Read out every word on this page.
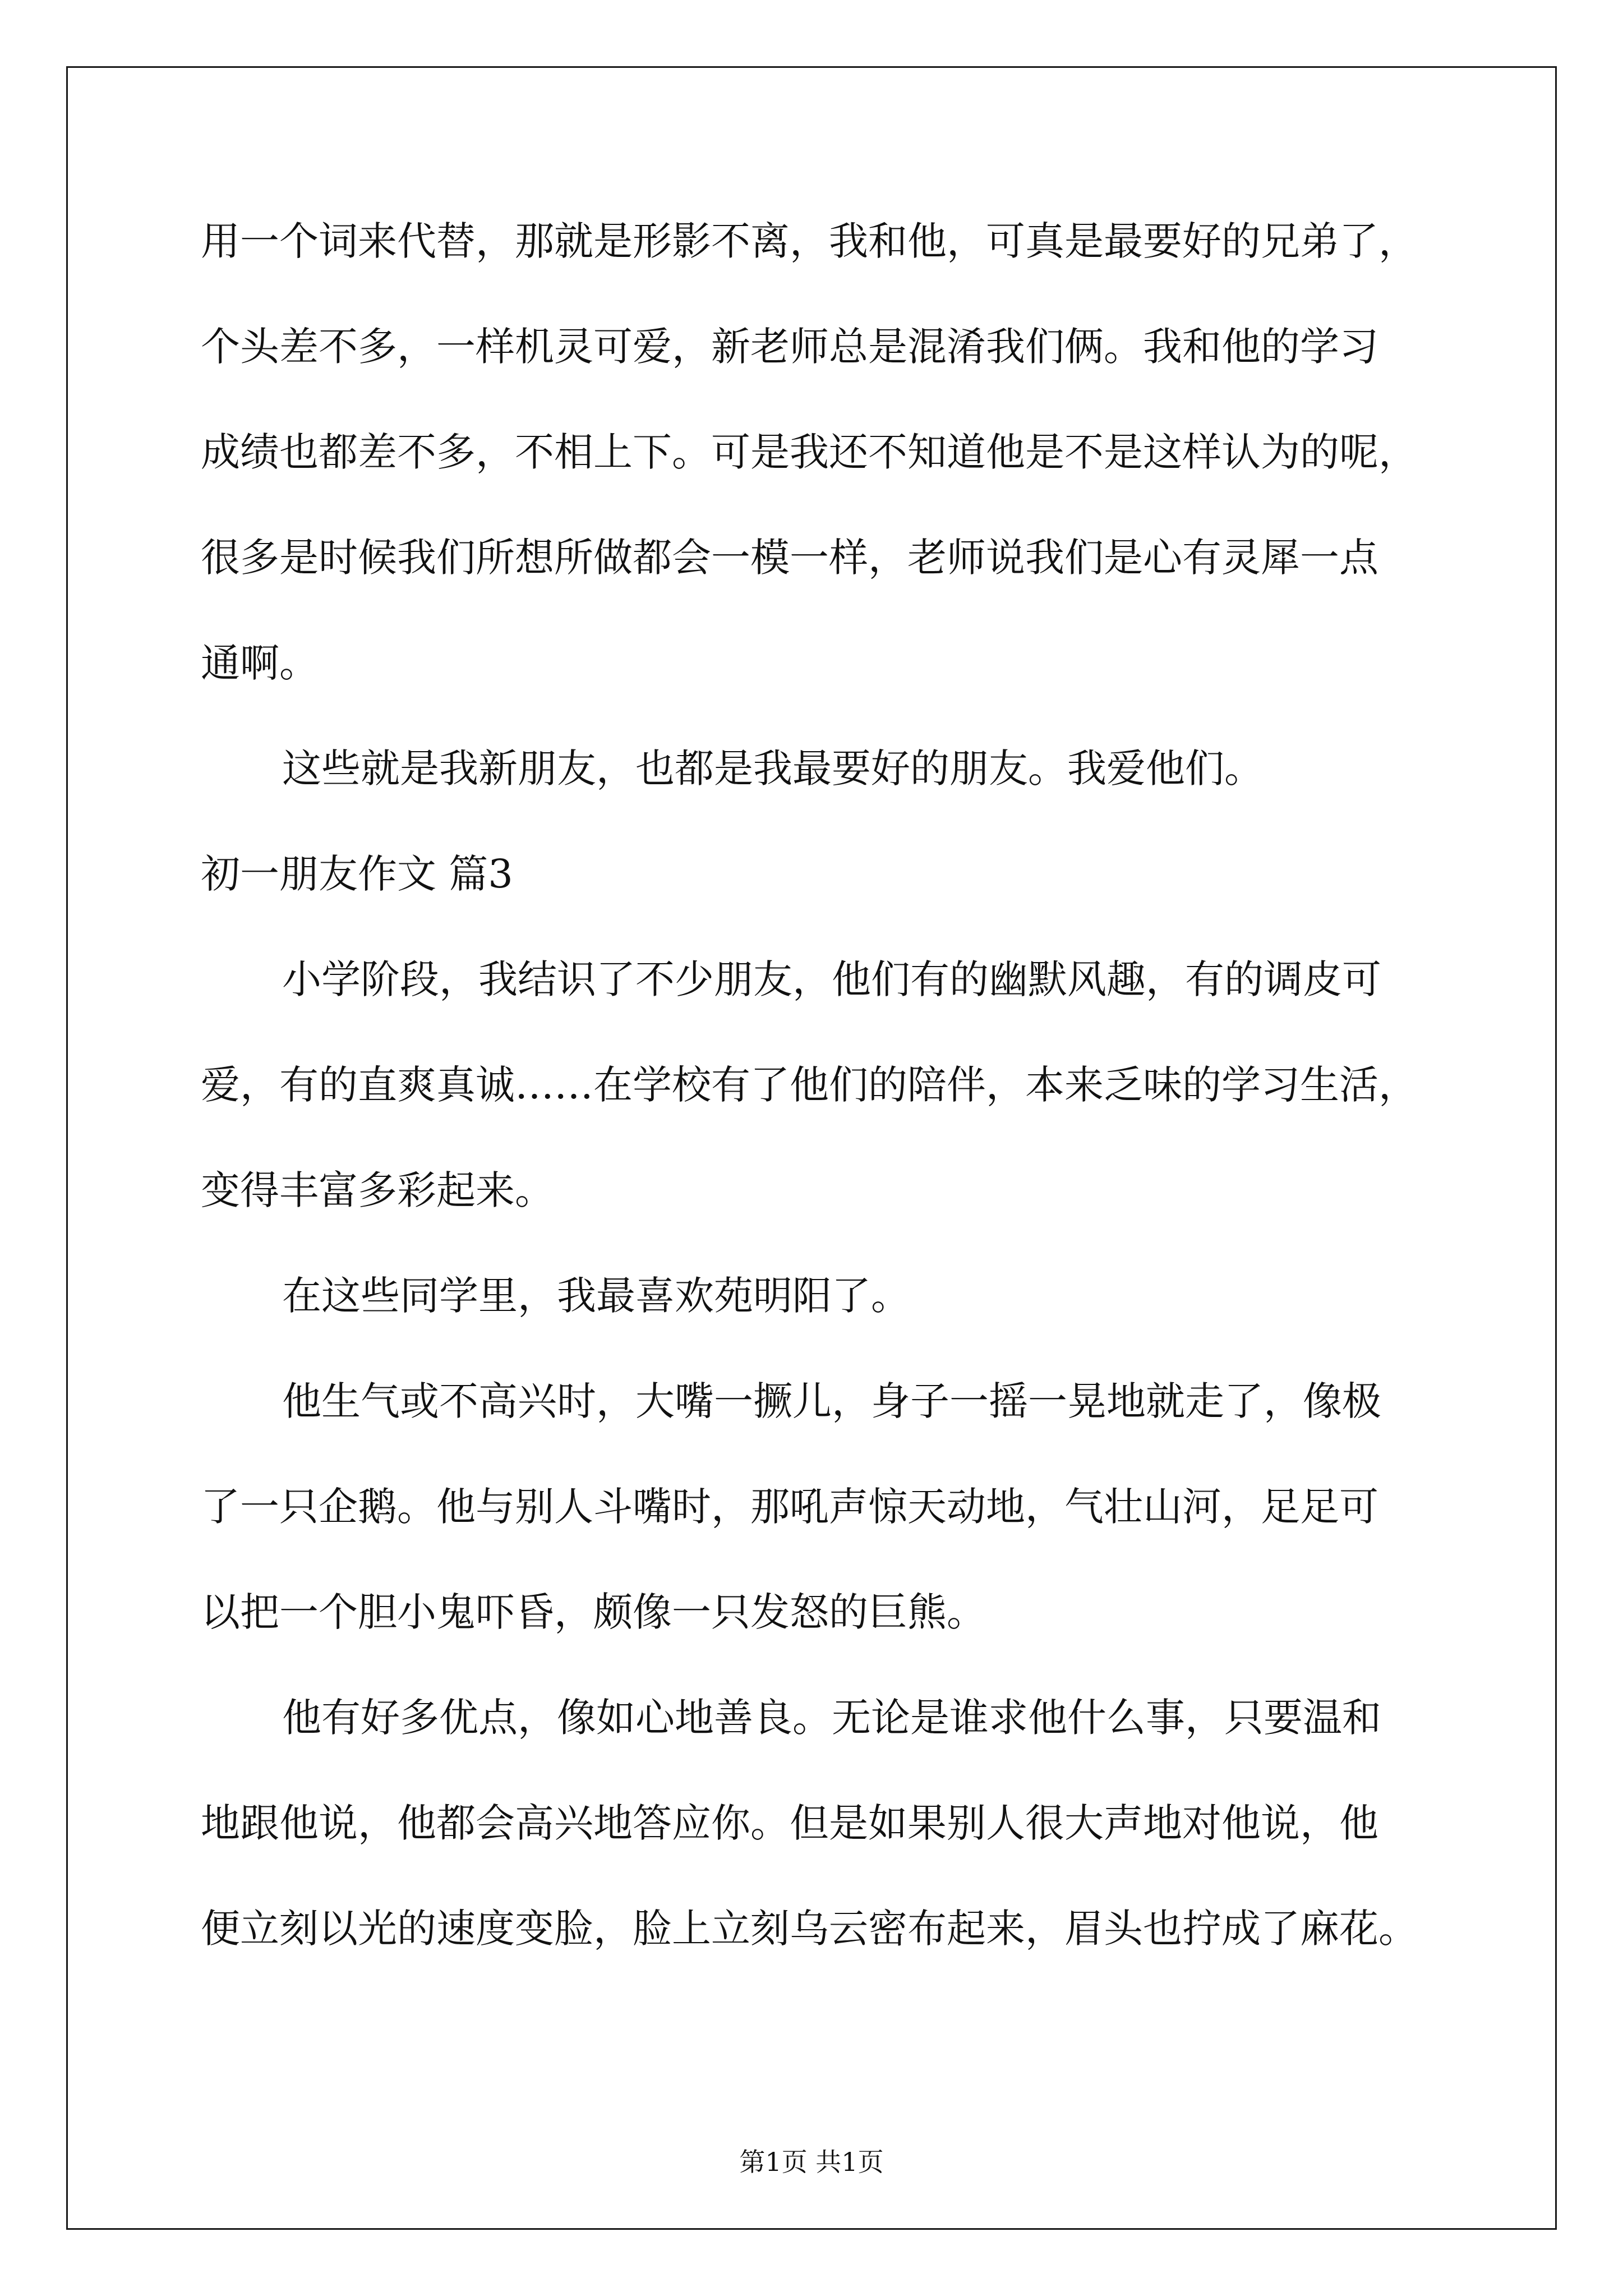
用一个词来代替，那就是形影不离，我和他，可真是最要好的兄弟了，
个头差不多，一样机灵可爱，新老师总是混淆我们俩。我和他的学习
成绩也都差不多，不相上下。可是我还不知道他是不是这样认为的呢，
很多是时候我们所想所做都会一模一样，老师说我们是心有灵犀一点
通啊。
这些就是我新朋友，也都是我最要好的朋友。我爱他们。
初一朋友作文 篇3
小学阶段，我结识了不少朋友，他们有的幽默风趣，有的调皮可
爱，有的直爽真诚……在学校有了他们的陪伴，本来乏味的学习生活，
变得丰富多彩起来。
在这些同学里，我最喜欢苑明阳了。
他生气或不高兴时，大嘴一撅儿，身子一摇一晃地就走了，像极
了一只企鹅。他与别人斗嘴时，那吼声惊天动地，气壮山河，足足可
以把一个胆小鬼吓昏，颇像一只发怒的巨熊。
他有好多优点，像如心地善良。无论是谁求他什么事，只要温和
地跟他说，他都会高兴地答应你。但是如果别人很大声地对他说，他
便立刻以光的速度变脸，脸上立刻乌云密布起来，眉头也拧成了麻花。
第1页 共1页
